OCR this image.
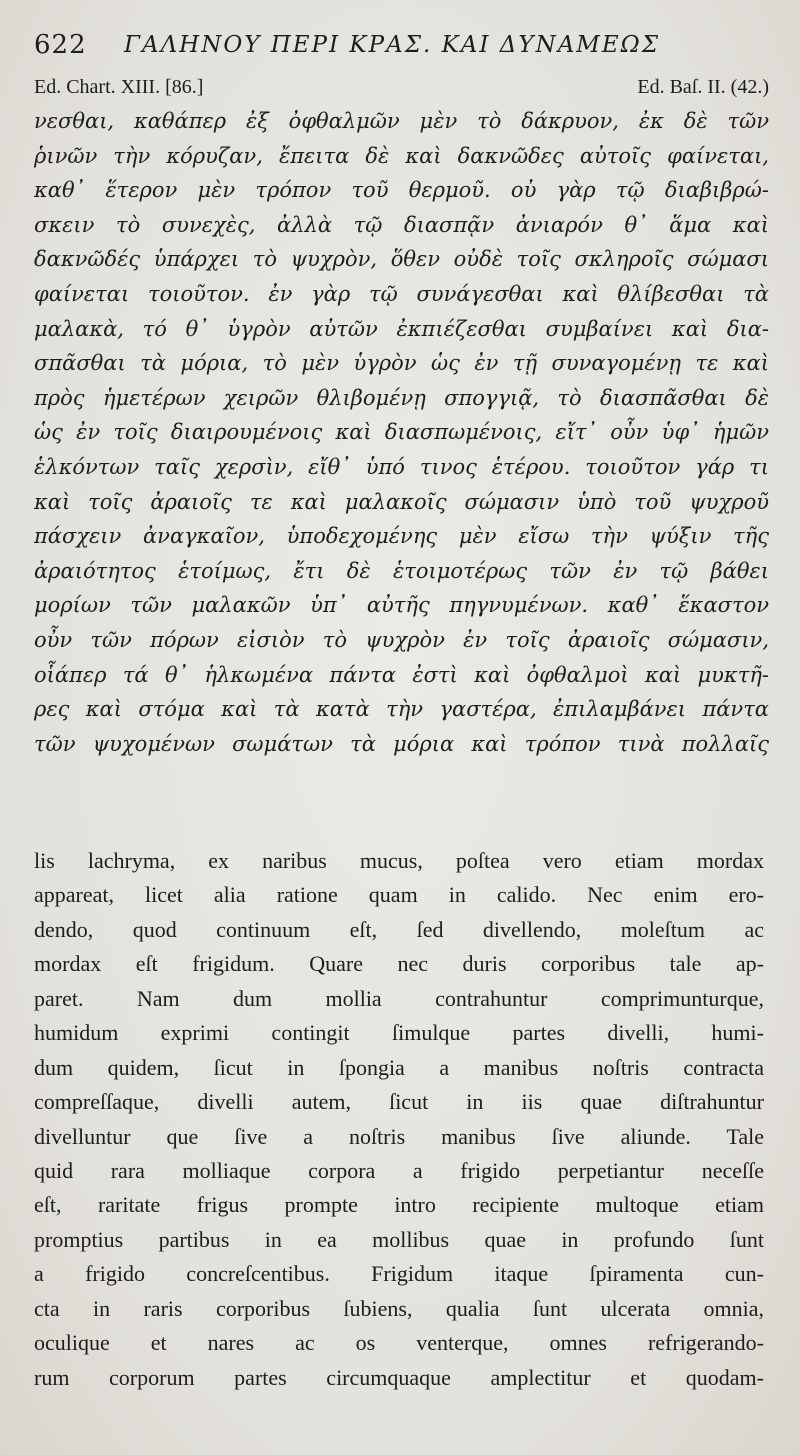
622 ΓΑΛΗΝΟΥ ΠΕΡΙ ΚΡΑΣ. ΚΑΙ ΔΥΝΑΜΕΩΣ
Ed. Chart. XIII. [86.]	Ed. Baſ. II. (42.)
νεσθαι, καθάπερ ἐξ ὀφθαλμῶν μὲν τὸ δάκρυον, ἐκ δὲ τῶν
ῥινῶν τὴν κόρυζαν, ἔπειτα δὲ καὶ δακνῶδες αὐτοῖς φαίνεται,
καθ᾽ ἕτερον μὲν τρόπον τοῦ θερμοῦ. οὐ γὰρ τῷ διαβιβρώ-
σκειν τὸ συνεχὲς, ἀλλὰ τῷ διασπᾷν ἀνιαρόν θ᾽ ἅμα καὶ
δακνῶδές ὑπάρχει τὸ ψυχρὸν, ὅθεν οὐδὲ τοῖς σκληροῖς σώμασι
φαίνεται τοιοῦτον. ἐν γὰρ τῷ συνάγεσθαι καὶ θλίβεσθαι τὰ
μαλακὰ, τό θ᾽ ὑγρὸν αὐτῶν ἐκπιέζεσθαι συμβαίνει καὶ δια-
σπᾶσθαι τὰ μόρια, τὸ μὲν ὑγρὸν ὡς ἐν τῇ συναγομένῃ τε καὶ
πρὸς ἡμετέρων χειρῶν θλιβομένῃ σπογγιᾷ, τὸ διασπᾶσθαι δὲ
ὡς ἐν τοῖς διαιρουμένοις καὶ διασπωμένοις, εἴτ᾽ οὖν ὑφ᾽ ἡμῶν
ἑλκόντων ταῖς χερσὶν, εἴθ᾽ ὑπό τινος ἑτέρου. τοιοῦτον γάρ τι
καὶ τοῖς ἀραιοῖς τε καὶ μαλακοῖς σώμασιν ὑπὸ τοῦ ψυχροῦ
πάσχειν ἀναγκαῖον, ὑποδεχομένης μὲν εἴσω τὴν ψύξιν τῆς
ἀραιότητος ἑτοίμως, ἔτι δὲ ἑτοιμοτέρως τῶν ἐν τῷ βάθει
μορίων τῶν μαλακῶν ὑπ᾽ αὐτῆς πηγνυμένων. καθ᾽ ἕκαστον
οὖν τῶν πόρων εἰσιὸν τὸ ψυχρὸν ἐν τοῖς ἀραιοῖς σώμασιν,
οἷάπερ τά θ᾽ ἡλκωμένα πάντα ἐστὶ καὶ ὀφθαλμοὶ καὶ μυκτῆ-
ρες καὶ στόμα καὶ τὰ κατὰ τὴν γαστέρα, ἐπιλαμβάνει πάντα
τῶν ψυχομένων σωμάτων τὰ μόρια καὶ τρόπον τινὰ πολλαῖς
lis lachryma, ex naribus mucus, poſtea vero etiam mordax
appareat, licet alia ratione quam in calido. Nec enim ero-
dendo, quod continuum eſt, ſed divellendo, moleſtum ac
mordax eſt frigidum. Quare nec duris corporibus tale ap-
paret. Nam dum mollia contrahuntur comprimunturque,
humidum exprimi contingit ſimulque partes divelli, humi-
dum quidem, ſicut in ſpongia a manibus noſtris contracta
compreſſaque, divelli autem, ſicut in iis quae diſtrahuntur
divelluntur que ſive a noſtris manibus ſive aliunde. Tale
quid rara molliaque corpora a frigido perpetiantur neceſſe
eſt, raritate frigus prompte intro recipiente multoque etiam
promptius partibus in ea mollibus quae in profundo ſunt
a frigido concreſcentibus. Frigidum itaque ſpiramenta cun-
cta in raris corporibus ſubiens, qualia ſunt ulcerata omnia,
oculique et nares ac os venterque, omnes refrigerando-
rum corporum partes circumquaque amplectitur et quodam-
